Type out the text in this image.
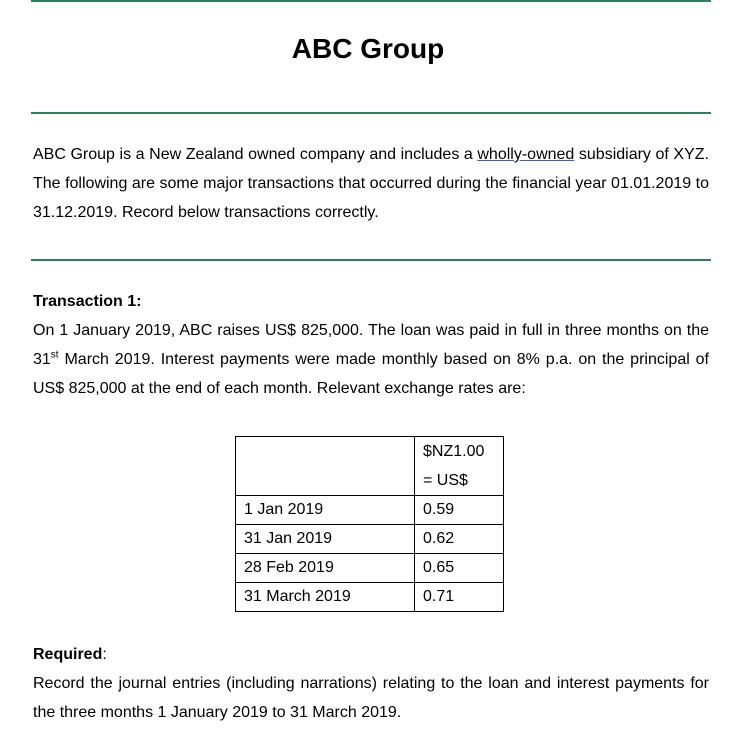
ABC Group

ABC Group is a New Zealand owned company and includes a wholly-owned subsidiary of XYZ. The following are some major transactions that occurred during the financial year 01.01.2019 to 31.12.2019. Record below transactions correctly.

Transaction 1:

On 1 January 2019, ABC raises US$ 825,000. The loan was paid in full in three months on the 31st March 2019. Interest payments were made monthly based on 8% p.a. on the principal of US$ 825,000 at the end of each month. Relevant exchange rates are:

	$NZ1.00
= US$

1 Jan 2019	0.59
31 Jan 2019	0.62
28 Feb 2019	0.65
31 March 2019	0.71

Required:

Record the journal entries (including narrations) relating to the loan and interest payments for the three months 1 January 2019 to 31 March 2019.
